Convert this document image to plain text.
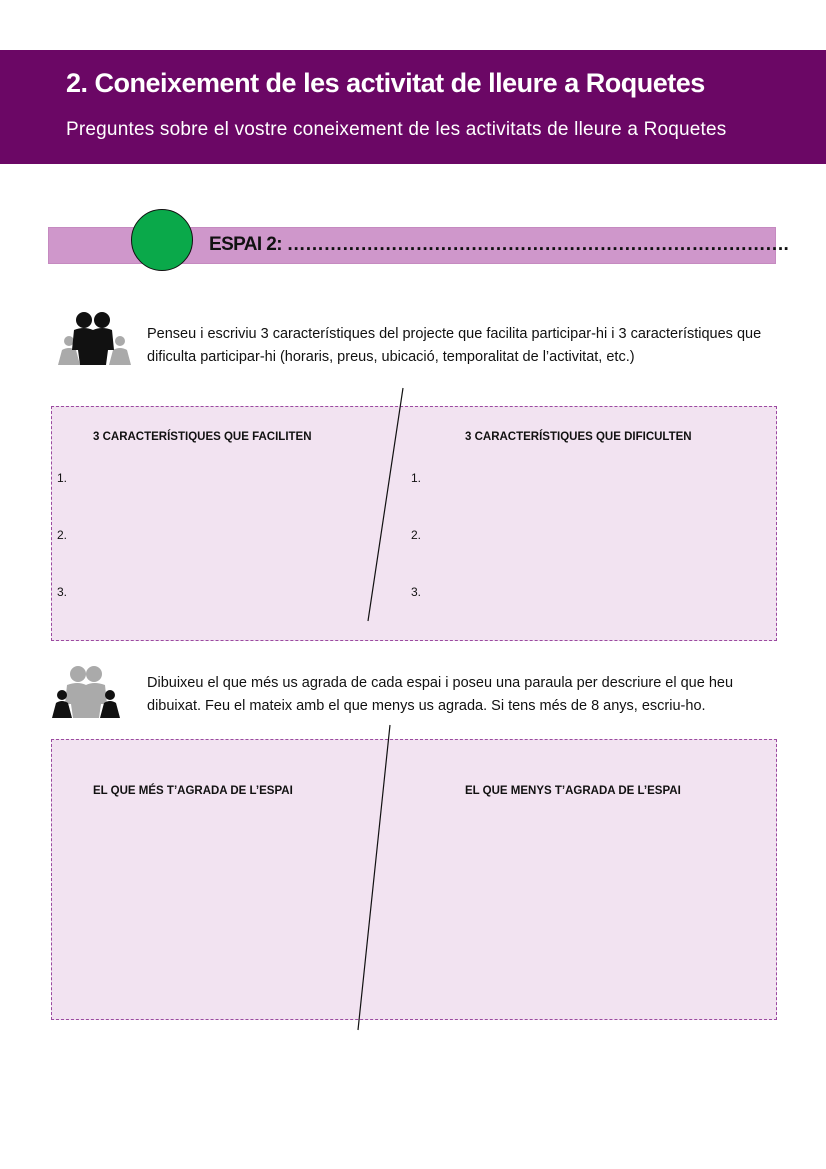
2. Coneixement de les activitat de lleure a Roquetes
Preguntes sobre el vostre coneixement de les activitats de lleure a Roquetes
ESPAI 2: ……………………………………………………………………….
Penseu i escriviu 3 característiques del projecte que facilita participar-hi i 3 característiques que dificulta participar-hi (horaris, preus, ubicació, temporalitat de l’activitat, etc.)
3 CARACTERÍSTIQUES QUE FACILITEN	3 CARACTERÍSTIQUES QUE DIFICULTEN
1.
2.
3.
1.
2.
3.
Dibuixeu el que més us agrada de cada espai i poseu una paraula per descriure el que heu dibuixat. Feu el mateix amb el que menys us agrada. Si tens més de 8 anys, escriu-ho.
EL QUE MÉS T’AGRADA DE L’ESPAI	EL QUE MENYS T’AGRADA DE L’ESPAI
